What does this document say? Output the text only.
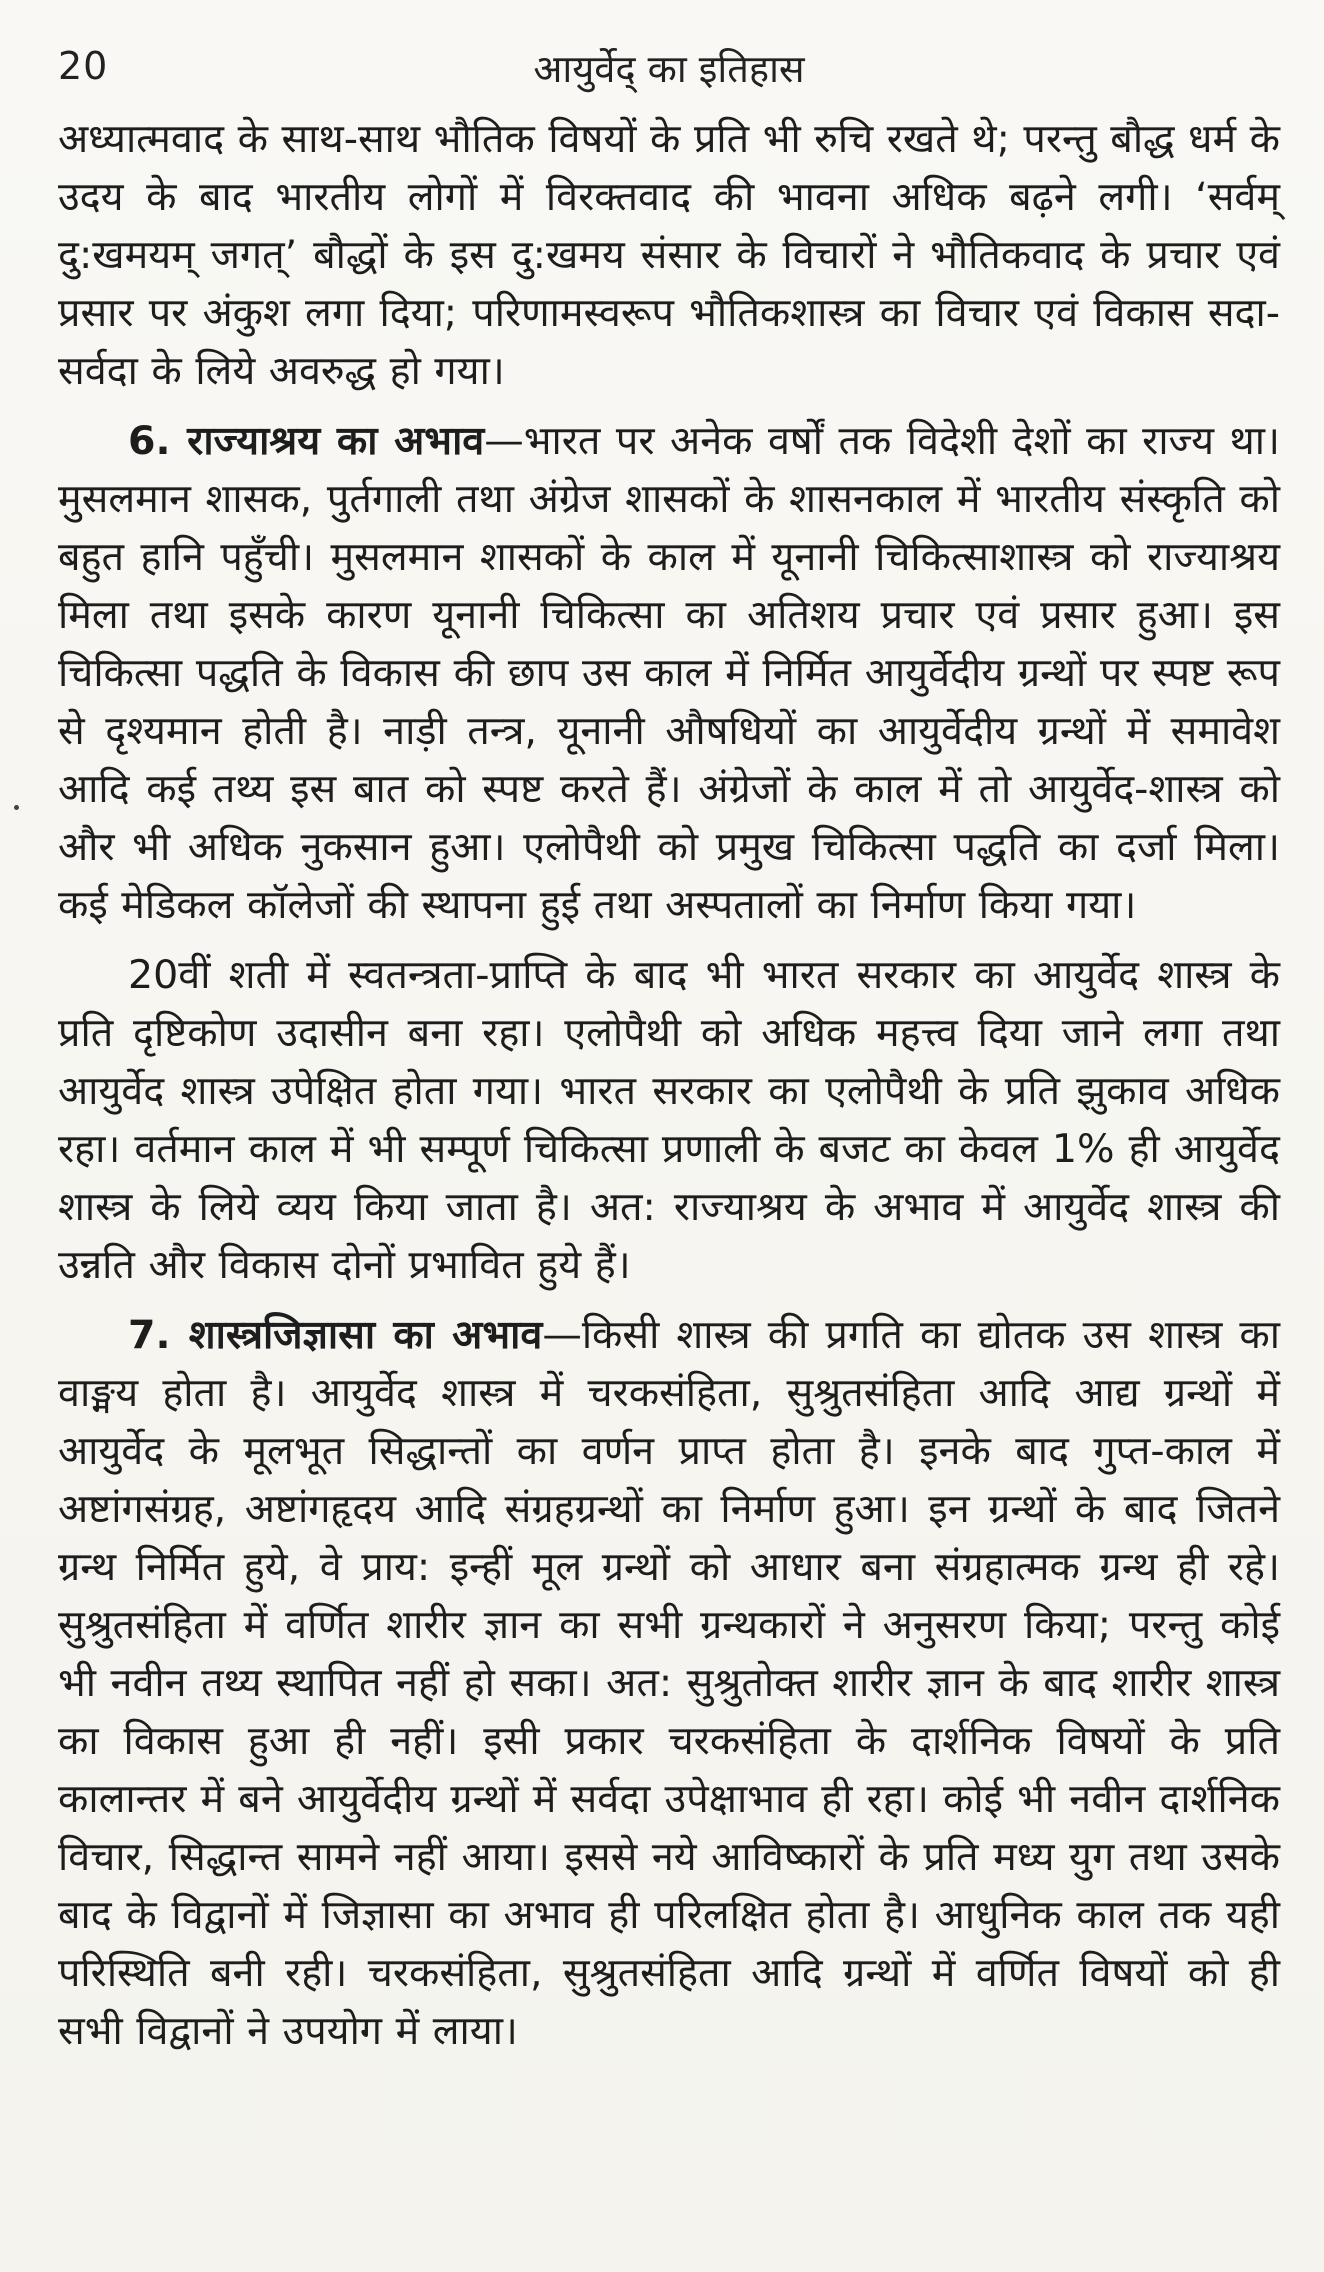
20	आयुर्वेद् का इतिहास

अध्यात्मवाद के साथ-साथ भौतिक विषयों के प्रति भी रुचि रखते थे; परन्तु बौद्ध धर्म के उदय के बाद भारतीय लोगों में विरक्तवाद की भावना अधिक बढ़ने लगी। ‘सर्वम् दु:खमयम् जगत्’ बौद्धों के इस दु:खमय संसार के विचारों ने भौतिकवाद के प्रचार एवं प्रसार पर अंकुश लगा दिया; परिणामस्वरूप भौतिकशास्त्र का विचार एवं विकास सदा-सर्वदा के लिये अवरुद्ध हो गया।

6. राज्याश्रय का अभाव—भारत पर अनेक वर्षों तक विदेशी देशों का राज्य था। मुसलमान शासक, पुर्तगाली तथा अंग्रेज शासकों के शासनकाल में भारतीय संस्कृति को बहुत हानि पहुँची। मुसलमान शासकों के काल में यूनानी चिकित्साशास्त्र को राज्याश्रय मिला तथा इसके कारण यूनानी चिकित्सा का अतिशय प्रचार एवं प्रसार हुआ। इस चिकित्सा पद्धति के विकास की छाप उस काल में निर्मित आयुर्वेदीय ग्रन्थों पर स्पष्ट रूप से दृश्यमान होती है। नाड़ी तन्त्र, यूनानी औषधियों का आयुर्वेदीय ग्रन्थों में समावेश आदि कई तथ्य इस बात को स्पष्ट करते हैं। अंग्रेजों के काल में तो आयुर्वेद-शास्त्र को और भी अधिक नुकसान हुआ। एलोपैथी को प्रमुख चिकित्सा पद्धति का दर्जा मिला। कई मेडिकल कॉलेजों की स्थापना हुई तथा अस्पतालों का निर्माण किया गया।

20वीं शती में स्वतन्त्रता-प्राप्ति के बाद भी भारत सरकार का आयुर्वेद शास्त्र के प्रति दृष्टिकोण उदासीन बना रहा। एलोपैथी को अधिक महत्त्व दिया जाने लगा तथा आयुर्वेद शास्त्र उपेक्षित होता गया। भारत सरकार का एलोपैथी के प्रति झुकाव अधिक रहा। वर्तमान काल में भी सम्पूर्ण चिकित्सा प्रणाली के बजट का केवल 1% ही आयुर्वेद शास्त्र के लिये व्यय किया जाता है। अत: राज्याश्रय के अभाव में आयुर्वेद शास्त्र की उन्नति और विकास दोनों प्रभावित हुये हैं।

7. शास्त्रजिज्ञासा का अभाव—किसी शास्त्र की प्रगति का द्योतक उस शास्त्र का वाङ्मय होता है। आयुर्वेद शास्त्र में चरकसंहिता, सुश्रुतसंहिता आदि आद्य ग्रन्थों में आयुर्वेद के मूलभूत सिद्धान्तों का वर्णन प्राप्त होता है। इनके बाद गुप्त-काल में अष्टांगसंग्रह, अष्टांगहृदय आदि संग्रहग्रन्थों का निर्माण हुआ। इन ग्रन्थों के बाद जितने ग्रन्थ निर्मित हुये, वे प्राय: इन्हीं मूल ग्रन्थों को आधार बना संग्रहात्मक ग्रन्थ ही रहे। सुश्रुतसंहिता में वर्णित शारीर ज्ञान का सभी ग्रन्थकारों ने अनुसरण किया; परन्तु कोई भी नवीन तथ्य स्थापित नहीं हो सका। अत: सुश्रुतोक्त शारीर ज्ञान के बाद शारीर शास्त्र का विकास हुआ ही नहीं। इसी प्रकार चरकसंहिता के दार्शनिक विषयों के प्रति कालान्तर में बने आयुर्वेदीय ग्रन्थों में सर्वदा उपेक्षाभाव ही रहा। कोई भी नवीन दार्शनिक विचार, सिद्धान्त सामने नहीं आया। इससे नये आविष्कारों के प्रति मध्य युग तथा उसके बाद के विद्वानों में जिज्ञासा का अभाव ही परिलक्षित होता है। आधुनिक काल तक यही परिस्थिति बनी रही। चरकसंहिता, सुश्रुतसंहिता आदि ग्रन्थों में वर्णित विषयों को ही सभी विद्वानों ने उपयोग में लाया।
